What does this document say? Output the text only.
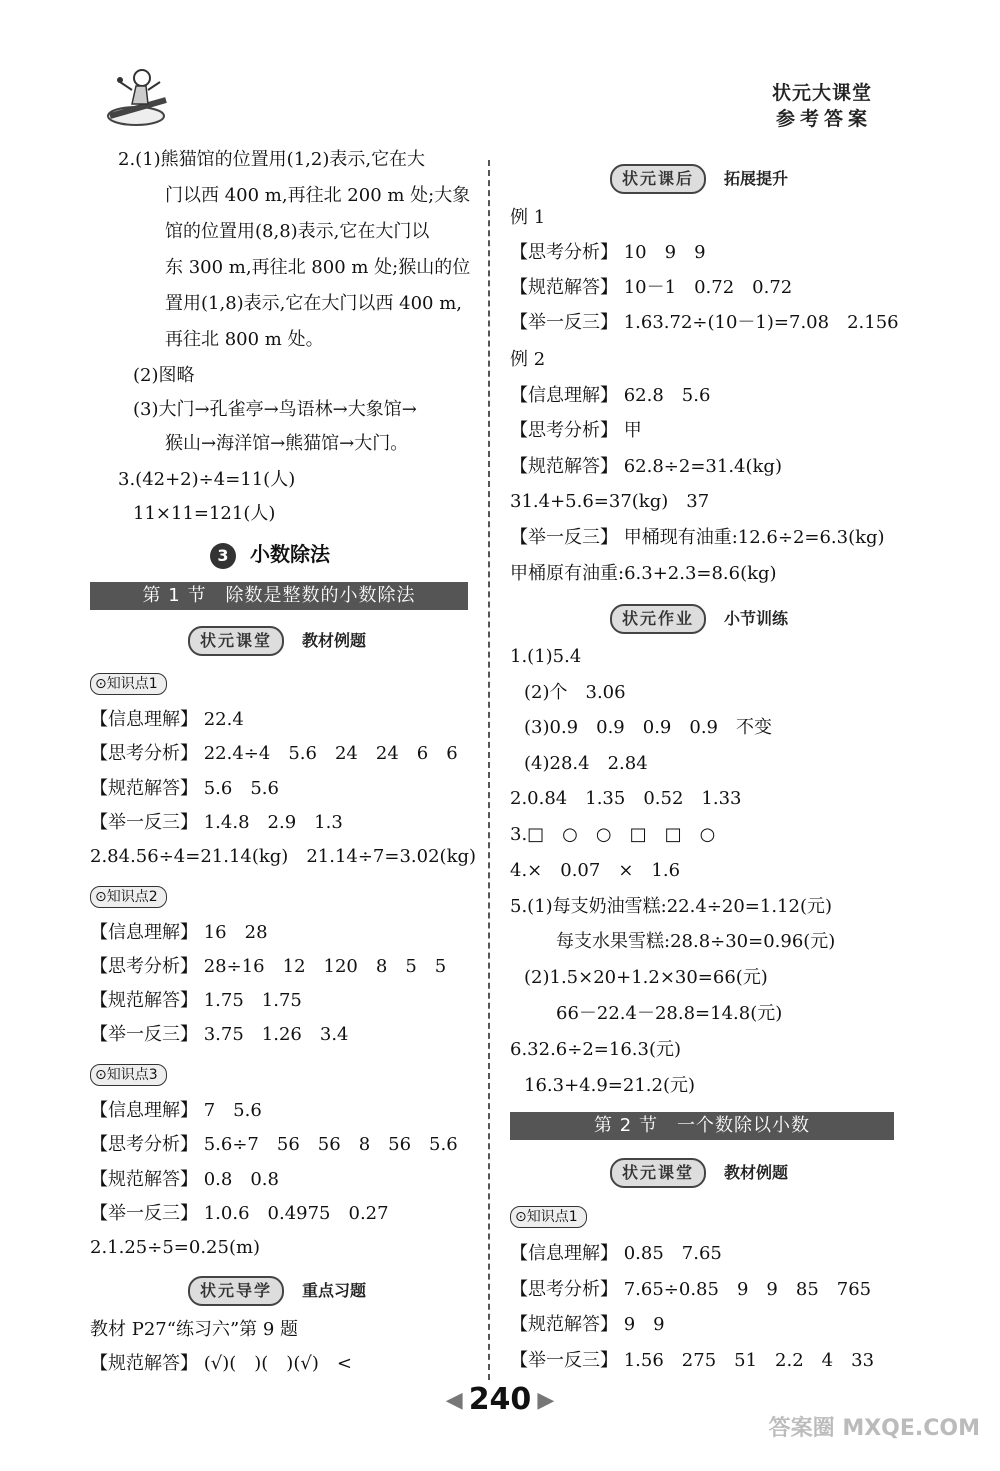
状元大课堂
参考答案
2.(1)熊猫馆的位置用(1,2)表示,它在大
门以西 400 m,再往北 200 m 处;大象
馆的位置用(8,8)表示,它在大门以
东 300 m,再往北 800 m 处;猴山的位
置用(1,8)表示,它在大门以西 400 m,
再往北 800 m 处。
(2)图略
(3)大门→孔雀亭→鸟语林→大象馆→
猴山→海洋馆→熊猫馆→大门。
3.(42+2)÷4=11(人)
11×11=121(人)
3 小数除法
第 1 节　除数是整数的小数除法
状元课堂	教材例题
⊙知识点1
【信息理解】 22.4
【思考分析】 22.4÷4　5.6　24　24　6　6
【规范解答】 5.6　5.6
【举一反三】 1.4.8　2.9　1.3
2.84.56÷4=21.14(kg)　21.14÷7=3.02(kg)
⊙知识点2
【信息理解】 16　28
【思考分析】 28÷16　12　120　8　5　5
【规范解答】 1.75　1.75
【举一反三】 3.75　1.26　3.4
⊙知识点3
【信息理解】 7　5.6
【思考分析】 5.6÷7　56　56　8　56　5.6
【规范解答】 0.8　0.8
【举一反三】 1.0.6　0.4975　0.27
2.1.25÷5=0.25(m)
状元导学	重点习题
教材 P27“练习六”第 9 题
【规范解答】 (√)(　)(　)(√)　<
状元课后	拓展提升
例 1
【思考分析】 10　9　9
【规范解答】 10－1　0.72　0.72
【举一反三】 1.63.72÷(10－1)=7.08　2.156
例 2
【信息理解】 62.8　5.6
【思考分析】 甲
【规范解答】 62.8÷2=31.4(kg)
31.4+5.6=37(kg)　37
【举一反三】 甲桶现有油重:12.6÷2=6.3(kg)
甲桶原有油重:6.3+2.3=8.6(kg)
状元作业	小节训练
1.(1)5.4
(2)个　3.06
(3)0.9　0.9　0.9　0.9　不变
(4)28.4　2.84
2.0.84　1.35　0.52　1.33
3.□　○　○　□　□　○
4.×　0.07　×　1.6
5.(1)每支奶油雪糕:22.4÷20=1.12(元)
每支水果雪糕:28.8÷30=0.96(元)
(2)1.5×20+1.2×30=66(元)
66－22.4－28.8=14.8(元)
6.32.6÷2=16.3(元)
16.3+4.9=21.2(元)
第 2 节　一个数除以小数
状元课堂	教材例题
⊙知识点1
【信息理解】 0.85　7.65
【思考分析】 7.65÷0.85　9　9　85　765
【规范解答】 9　9
【举一反三】 1.56　275　51　2.2　4　33
◀ 240 ▶
答案圈 MXQE.COM
